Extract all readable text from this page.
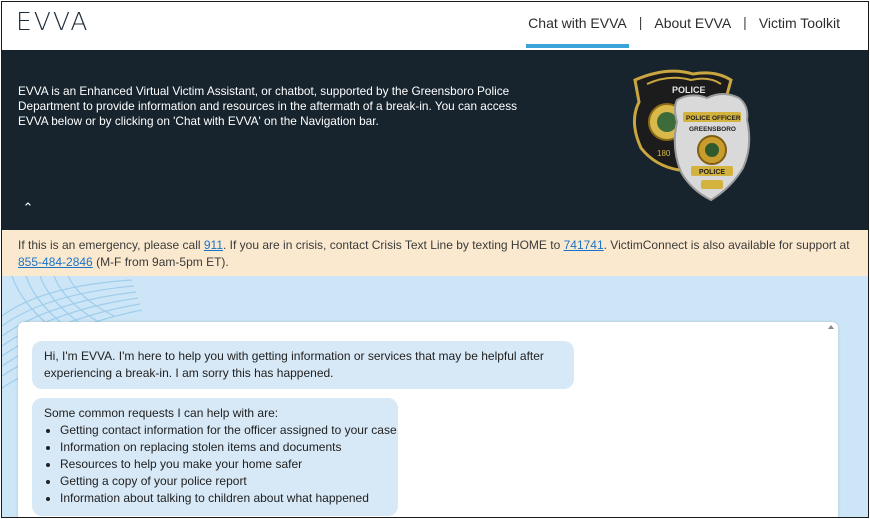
EVVA	Chat with EVVA | About EVVA | Victim Toolkit
EVVA is an Enhanced Virtual Victim Assistant, or chatbot, supported by the Greensboro Police Department to provide information and resources in the aftermath of a break-in. You can access EVVA below or by clicking on 'Chat with EVVA' on the Navigation bar.
⌃
POLICE
180
POLICE OFFICER
GREENSBORO
POLICE
If this is an emergency, please call 911. If you are in crisis, contact Crisis Text Line by texting HOME to 741741. VictimConnect is also available for support at 855-484-2846 (M-F from 9am-5pm ET).
Hi, I'm EVVA. I'm here to help you with getting information or services that may be helpful after experiencing a break-in. I am sorry this has happened.
Some common requests I can help with are:
• Getting contact information for the officer assigned to your case
• Information on replacing stolen items and documents
• Resources to help you make your home safer
• Getting a copy of your police report
• Information about talking to children about what happened
